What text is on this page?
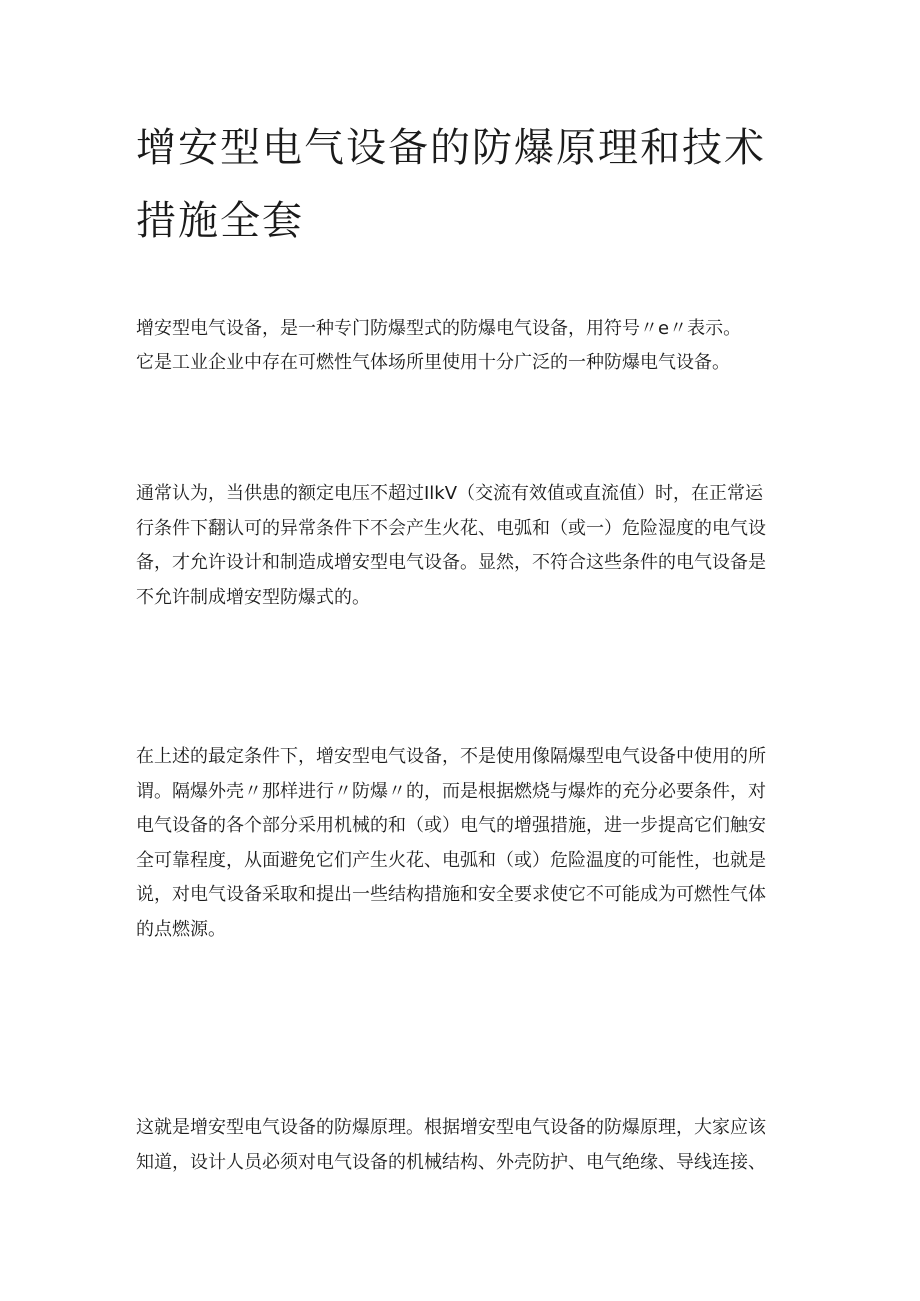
增安型电气设备的防爆原理和技术
措施全套
增安型电气设备，是一种专门防爆型式的防爆电气设备，用符号〃e〃表示。
它是工业企业中存在可燃性气体场所里使用十分广泛的一种防爆电气设备。
通常认为，当供患的额定电压不超过IlkV（交流有效值或直流值）时，在正常运
行条件下翻认可的异常条件下不会产生火花、电弧和（或一）危险湿度的电气设
备，才允许设计和制造成增安型电气设备。显然，不符合这些条件的电气设备是
不允许制成增安型防爆式的。
在上述的最定条件下，增安型电气设备，不是使用像隔爆型电气设备中使用的所
谓。隔爆外壳〃那样进行〃防爆〃的，而是根据燃烧与爆炸的充分必要条件，对
电气设备的各个部分采用机械的和（或）电气的增强措施，进一步提高它们触安
全可靠程度，从面避免它们产生火花、电弧和（或）危险温度的可能性，也就是
说，对电气设备采取和提出一些结构措施和安全要求使它不可能成为可燃性气体
的点燃源。
这就是增安型电气设备的防爆原理。根据增安型电气设备的防爆原理，大家应该
知道，设计人员必须对电气设备的机械结构、外壳防护、电气绝缘、导线连接、
